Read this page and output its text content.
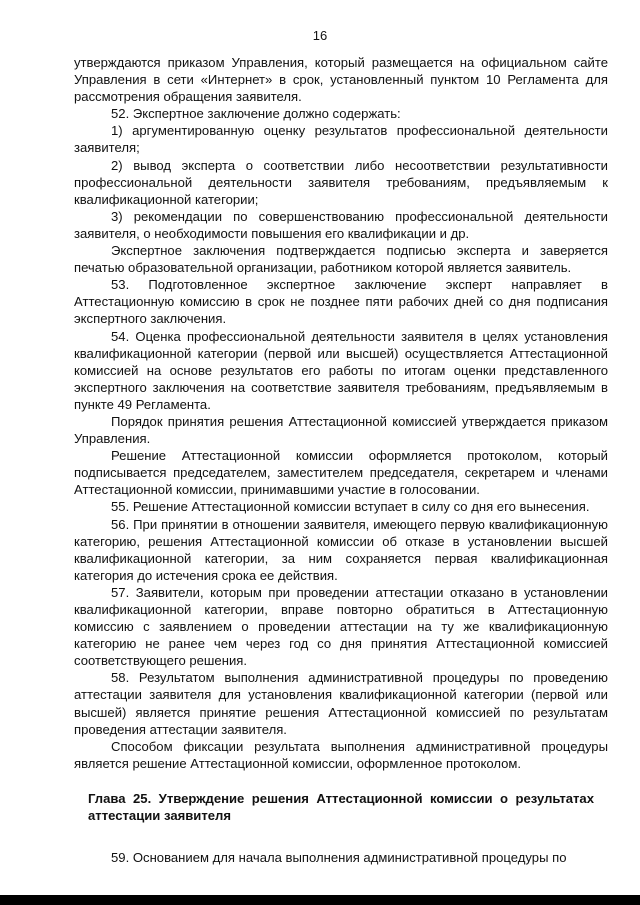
16

утверждаются приказом Управления, который размещается на официальном сайте Управления в сети «Интернет» в срок, установленный пунктом 10 Регламента для рассмотрения обращения заявителя.

52. Экспертное заключение должно содержать:

1) аргументированную оценку результатов профессиональной деятельности заявителя;

2) вывод эксперта о соответствии либо несоответствии результативности профессиональной деятельности заявителя требованиям, предъявляемым к квалификационной категории;

3) рекомендации по совершенствованию профессиональной деятельности заявителя, о необходимости повышения его квалификации и др.

Экспертное заключения подтверждается подписью эксперта и заверяется печатью образовательной организации, работником которой является заявитель.

53. Подготовленное экспертное заключение эксперт направляет в Аттестационную комиссию в срок не позднее пяти рабочих дней со дня подписания экспертного заключения.

54. Оценка профессиональной деятельности заявителя в целях установления квалификационной категории (первой или высшей) осуществляется Аттестационной комиссией на основе результатов его работы по итогам оценки представленного экспертного заключения на соответствие заявителя требованиям, предъявляемым в пункте 49 Регламента.

Порядок принятия решения Аттестационной комиссией утверждается приказом Управления.

Решение Аттестационной комиссии оформляется протоколом, который подписывается председателем, заместителем председателя, секретарем и членами Аттестационной комиссии, принимавшими участие в голосовании.

55. Решение Аттестационной комиссии вступает в силу со дня его вынесения.

56. При принятии в отношении заявителя, имеющего первую квалификационную категорию, решения Аттестационной комиссии об отказе в установлении высшей квалификационной категории, за ним сохраняется первая квалификационная категория до истечения срока ее действия.

57. Заявители, которым при проведении аттестации отказано в установлении квалификационной категории, вправе повторно обратиться в Аттестационную комиссию с заявлением о проведении аттестации на ту же квалификационную категорию не ранее чем через год со дня принятия Аттестационной комиссией соответствующего решения.

58. Результатом выполнения административной процедуры по проведению аттестации заявителя для установления квалификационной категории (первой или высшей) является принятие решения Аттестационной комиссией по результатам проведения аттестации заявителя.

Способом фиксации результата выполнения административной процедуры является решение Аттестационной комиссии, оформленное протоколом.

Глава 25. Утверждение решения Аттестационной комиссии о результатах аттестации заявителя

59. Основанием для начала выполнения административной процедуры по
